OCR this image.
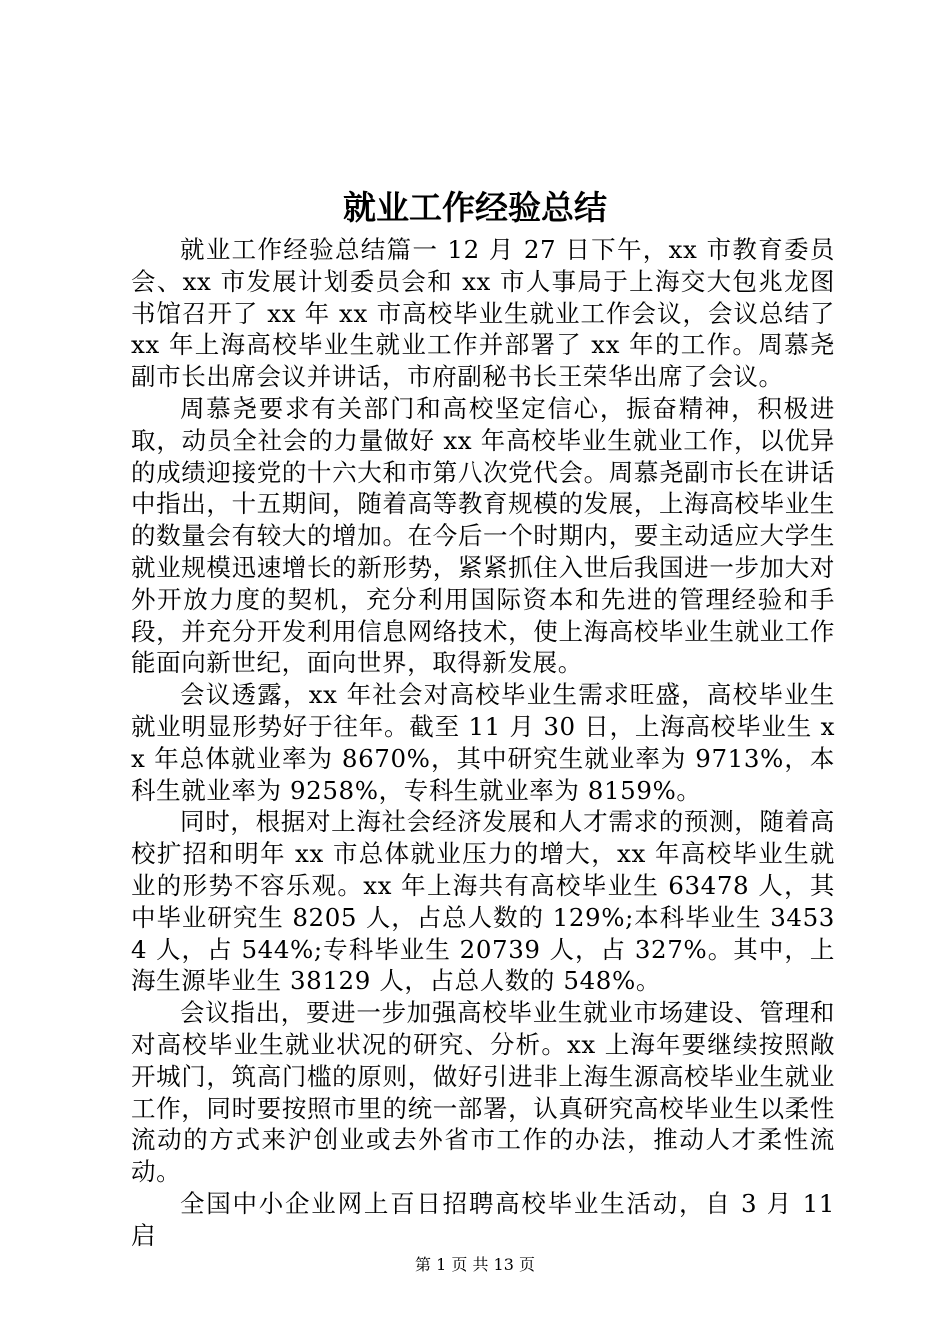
就业工作经验总结

就业工作经验总结篇一 12 月 27 日下午，xx 市教育委员会、xx 市发展计划委员会和 xx 市人事局于上海交大包兆龙图书馆召开了 xx 年 xx 市高校毕业生就业工作会议，会议总结了 xx 年上海高校毕业生就业工作并部署了 xx 年的工作。周慕尧副市长出席会议并讲话，市府副秘书长王荣华出席了会议。

周慕尧要求有关部门和高校坚定信心，振奋精神，积极进取，动员全社会的力量做好 xx 年高校毕业生就业工作，以优异的成绩迎接党的十六大和市第八次党代会。周慕尧副市长在讲话中指出，十五期间，随着高等教育规模的发展，上海高校毕业生的数量会有较大的增加。在今后一个时期内，要主动适应大学生就业规模迅速增长的新形势，紧紧抓住入世后我国进一步加大对外开放力度的契机，充分利用国际资本和先进的管理经验和手段，并充分开发利用信息网络技术，使上海高校毕业生就业工作能面向新世纪，面向世界，取得新发展。

会议透露，xx 年社会对高校毕业生需求旺盛，高校毕业生就业明显形势好于往年。截至 11 月 30 日，上海高校毕业生 xx 年总体就业率为 8670%，其中研究生就业率为 9713%，本科生就业率为 9258%，专科生就业率为 8159%。

同时，根据对上海社会经济发展和人才需求的预测，随着高校扩招和明年 xx 市总体就业压力的增大，xx 年高校毕业生就业的形势不容乐观。xx 年上海共有高校毕业生 63478 人，其中毕业研究生 8205 人，占总人数的 129%;本科毕业生 34534 人，占 544%;专科毕业生 20739 人，占 327%。其中，上海生源毕业生 38129 人，占总人数的 548%。

会议指出，要进一步加强高校毕业生就业市场建设、管理和对高校毕业生就业状况的研究、分析。xx 上海年要继续按照敞开城门，筑高门槛的原则，做好引进非上海生源高校毕业生就业工作，同时要按照市里的统一部署，认真研究高校毕业生以柔性流动的方式来沪创业或去外省市工作的办法，推动人才柔性流动。

全国中小企业网上百日招聘高校毕业生活动，自 3 月 11 启

第 1 页 共 13 页
